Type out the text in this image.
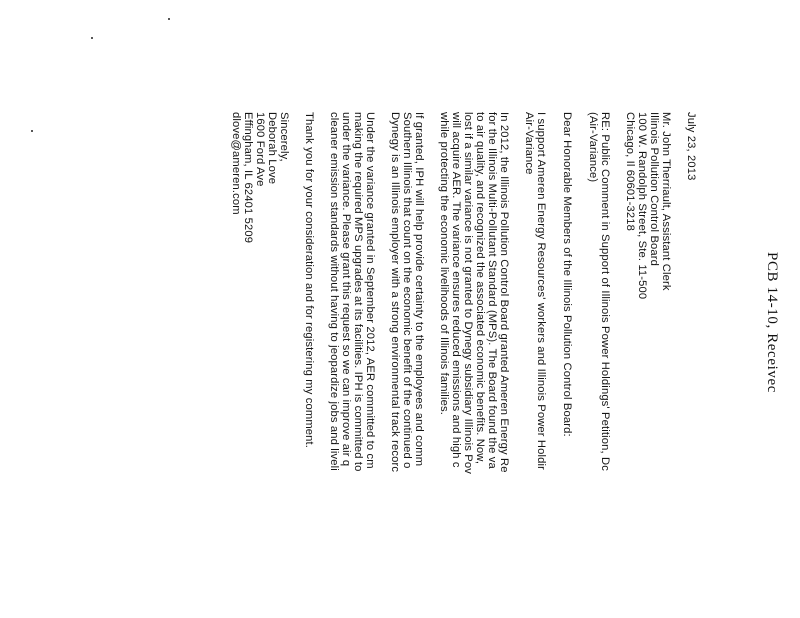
PCB 14-10, Receivec
July 23, 2013
Mr. John Therriault, Assistant Clerk
Illinois Pollution Control Board
100 W. Randolph Street, Ste. 11-500
Chicago, Il 60601-3218
RE: Public Comment in Support of Illinois Power Holdings' Petition, Dc
(Air-Variance)
Dear Honorable Members of the Illinois Pollution Control Board:
I support Ameren Energy Resources' workers and Illinois Power Holdir
Air-Variance
In 2012, the Illinois Pollution Control Board granted Ameren Energy Re
for the Illinois Multi-Pollutant Standard (MPS). The Board found the va
to air quality, and recognized the associated economic benefits. Now,
lost if a similar variance is not granted to Dynegy subsidiary Illinois Pov
will acquire AER. The variance ensures reduced emissions and high c
while protecting the economic livelihoods of Illinois families.
If granted, IPH will help provide certainty to the employees and comm
Southern Illinois that count on the economic benefit of the continued o
Dynegy is an Illinois employer with a strong environmental track recorc
Under the variance granted in September 2012, AER committed to cm
making the required MPS upgrades at its facilities. IPH is committed to
under the variance. Please grant this request so we can improve air q
cleaner emission standards without having to jeopardize jobs and liveli
Thank you for your consideration and for registering my comment.
Sincerely,
Deborah Love
1600 Ford Ave
Effingham, IL 62401 5209
dlove@ameren.com
